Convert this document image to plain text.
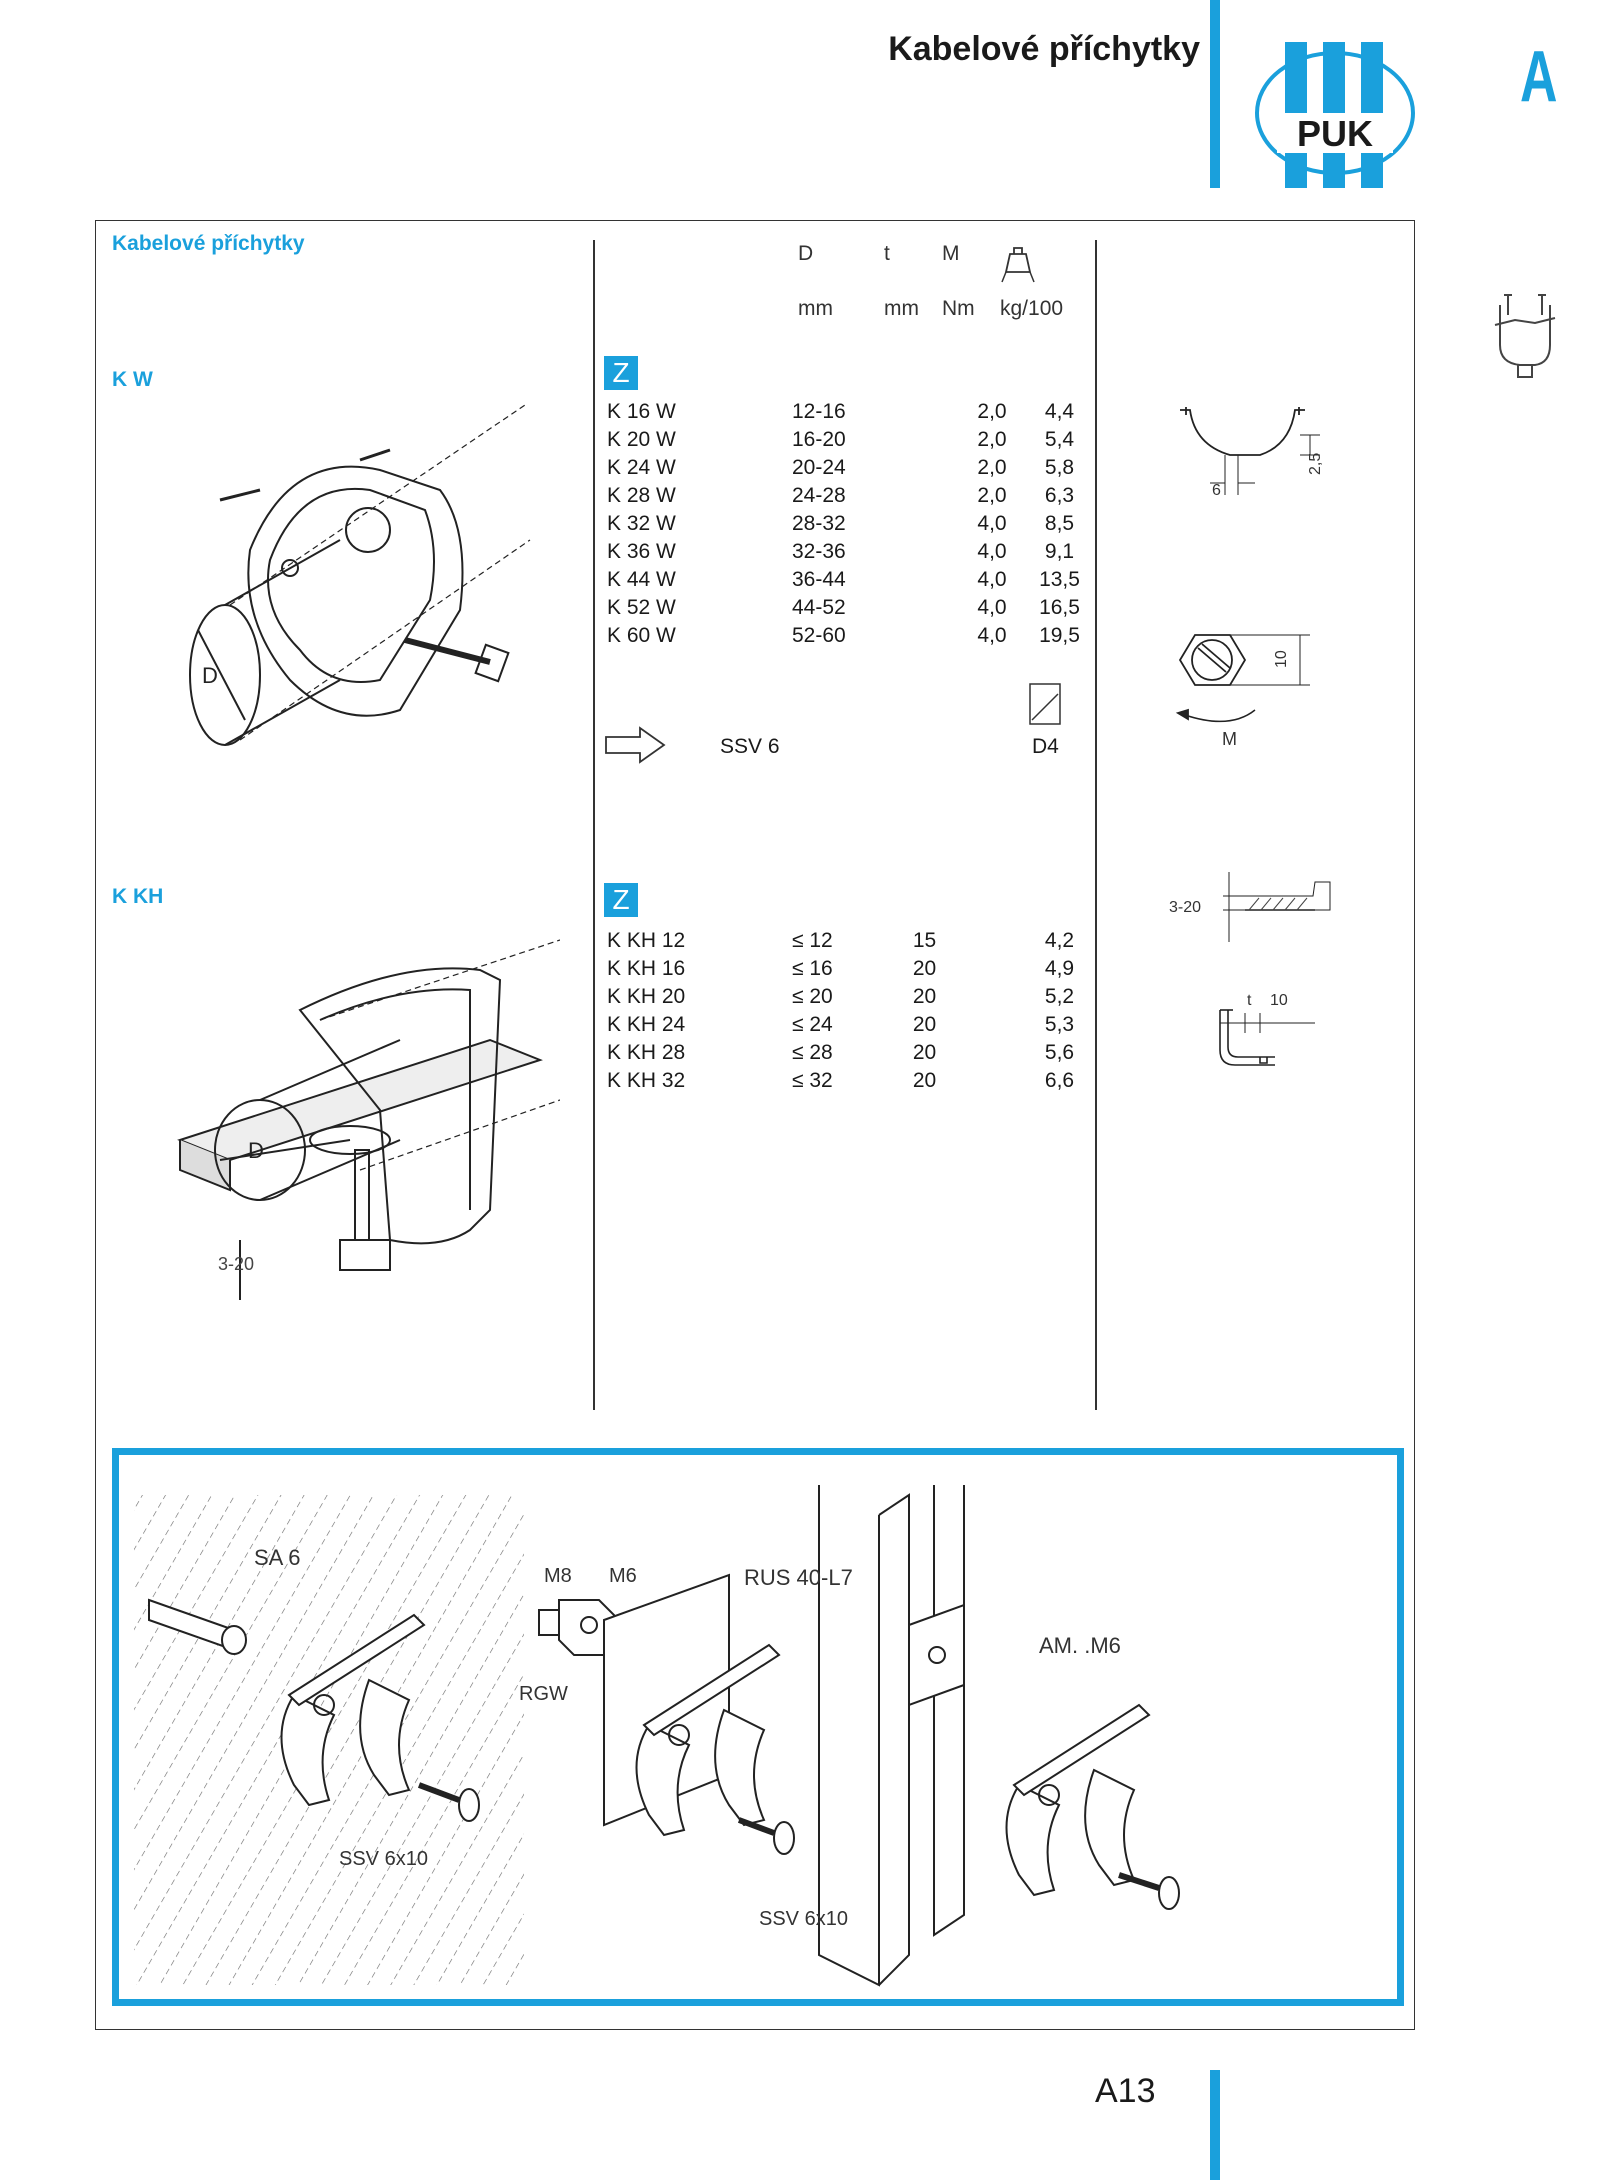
Kabelové příchytky
PUK
A
Kabelové příchytky
K W
K KH
D
D
3-20
D	t M
mm mm Nm kg/100
Z
K 16 W	12-16		2,0	4,4
K 20 W	16-20		2,0	5,4
K 24 W	20-24		2,0	5,8
K 28 W	24-28		2,0	6,3
K 32 W	28-32		4,0	8,5
K 36 W	32-36		4,0	9,1
K 44 W	36-44		4,0	13,5
K 52 W	44-52		4,0	16,5
K 60 W	52-60		4,0	19,5
SSV 6	D4
Z
K KH 12	≤ 12	15		4,2
K KH 16	≤ 16	20		4,9
K KH 20	≤ 20	20		5,2
K KH 24	≤ 24	20		5,3
K KH 28	≤ 28	20		5,6
K KH 32	≤ 32	20		6,6
6
2,5
10
M
3-20
t 10
SA 6
SSV 6x10
M8 M6	RUS 40-L7
RGW
SSV 6x10
AM. .M6
A13
